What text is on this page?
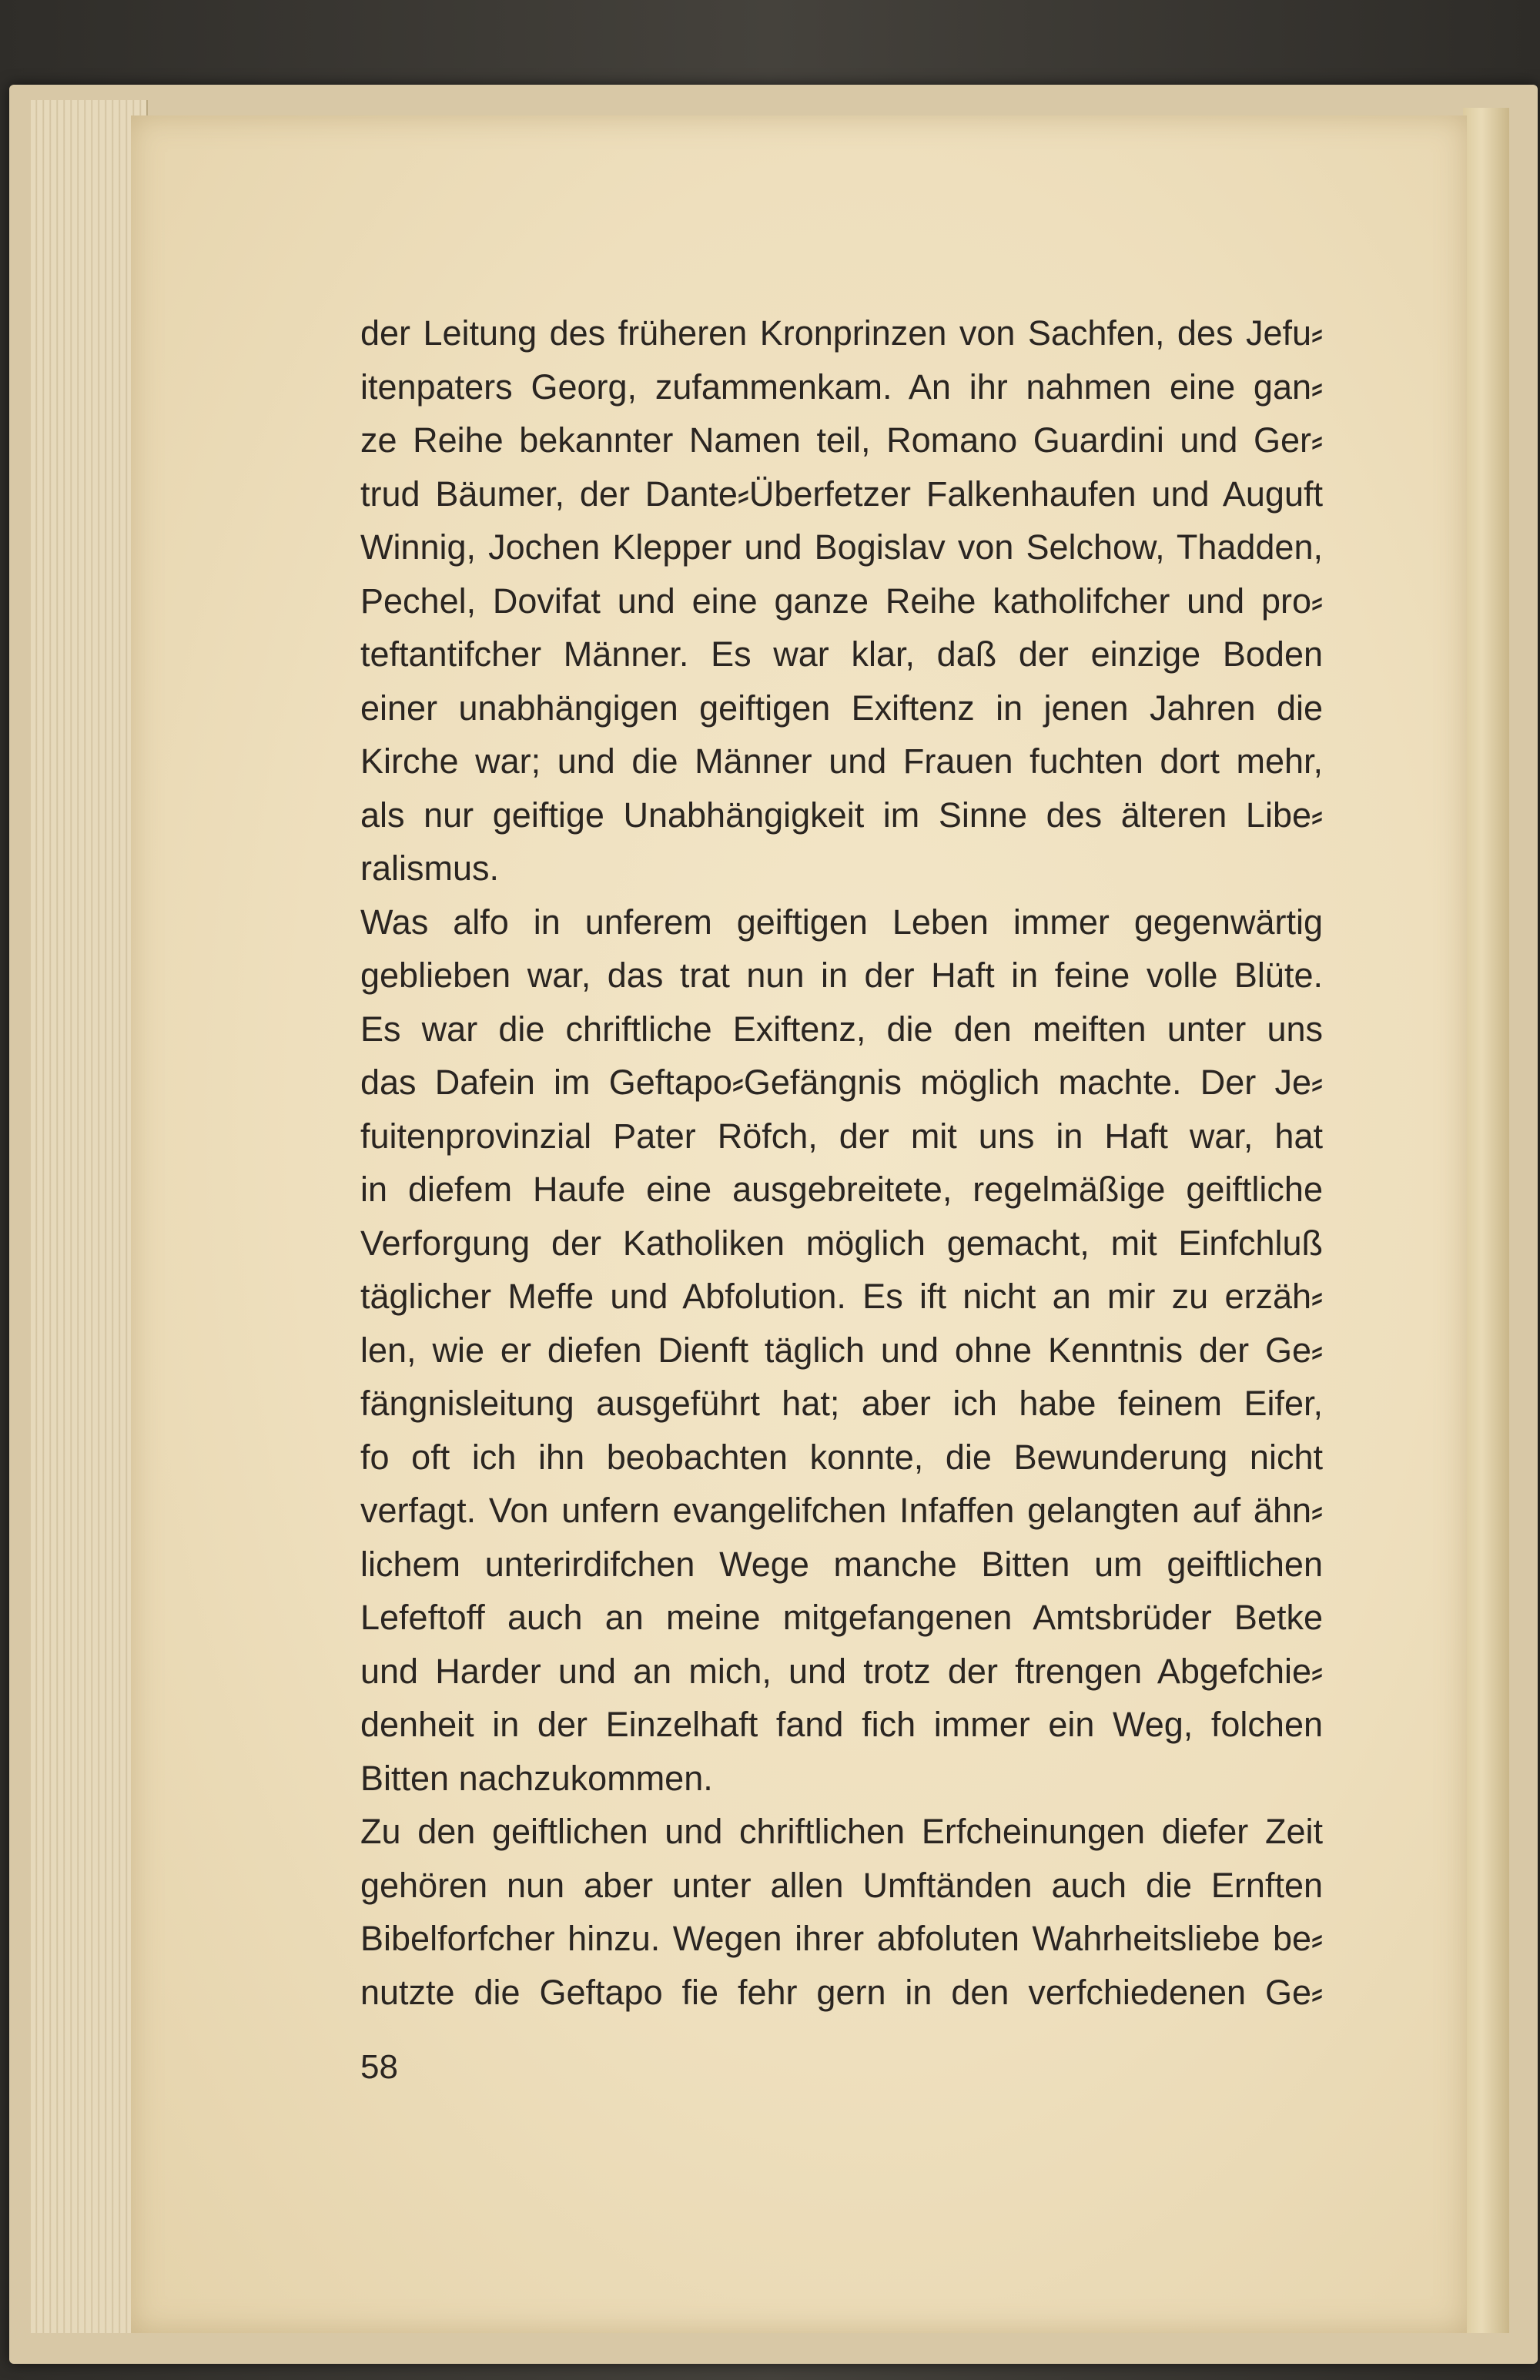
der Leitung des früheren Kronprinzen von Sachfen, des Jefu⸗
itenpaters Georg, zufammenkam. An ihr nahmen eine gan⸗
ze Reihe bekannter Namen teil, Romano Guardini und Ger⸗
trud Bäumer, der Dante⸗Überfetzer Falkenhaufen und Auguft
Winnig, Jochen Klepper und Bogislav von Selchow, Thadden,
Pechel, Dovifat und eine ganze Reihe katholifcher und pro⸗
teftantifcher Männer. Es war klar, daß der einzige Boden
einer unabhängigen geiftigen Exiftenz in jenen Jahren die
Kirche war; und die Männer und Frauen fuchten dort mehr,
als nur geiftige Unabhängigkeit im Sinne des älteren Libe⸗
ralismus.
Was alfo in unferem geiftigen Leben immer gegenwärtig
geblieben war, das trat nun in der Haft in feine volle Blüte.
Es war die chriftliche Exiftenz, die den meiften unter uns
das Dafein im Geftapo⸗Gefängnis möglich machte. Der Je⸗
fuitenprovinzial Pater Röfch, der mit uns in Haft war, hat
in diefem Haufe eine ausgebreitete, regelmäßige geiftliche
Verforgung der Katholiken möglich gemacht, mit Einfchluß
täglicher Meffe und Abfolution. Es ift nicht an mir zu erzäh⸗
len, wie er diefen Dienft täglich und ohne Kenntnis der Ge⸗
fängnisleitung ausgeführt hat; aber ich habe feinem Eifer,
fo oft ich ihn beobachten konnte, die Bewunderung nicht
verfagt. Von unfern evangelifchen Infaffen gelangten auf ähn⸗
lichem unterirdifchen Wege manche Bitten um geiftlichen
Lefeftoff auch an meine mitgefangenen Amtsbrüder Betke
und Harder und an mich, und trotz der ftrengen Abgefchie⸗
denheit in der Einzelhaft fand fich immer ein Weg, folchen
Bitten nachzukommen.
Zu den geiftlichen und chriftlichen Erfcheinungen diefer Zeit
gehören nun aber unter allen Umftänden auch die Ernften
Bibelforfcher hinzu. Wegen ihrer abfoluten Wahrheitsliebe be⸗
nutzte die Geftapo fie fehr gern in den verfchiedenen Ge⸗
58
